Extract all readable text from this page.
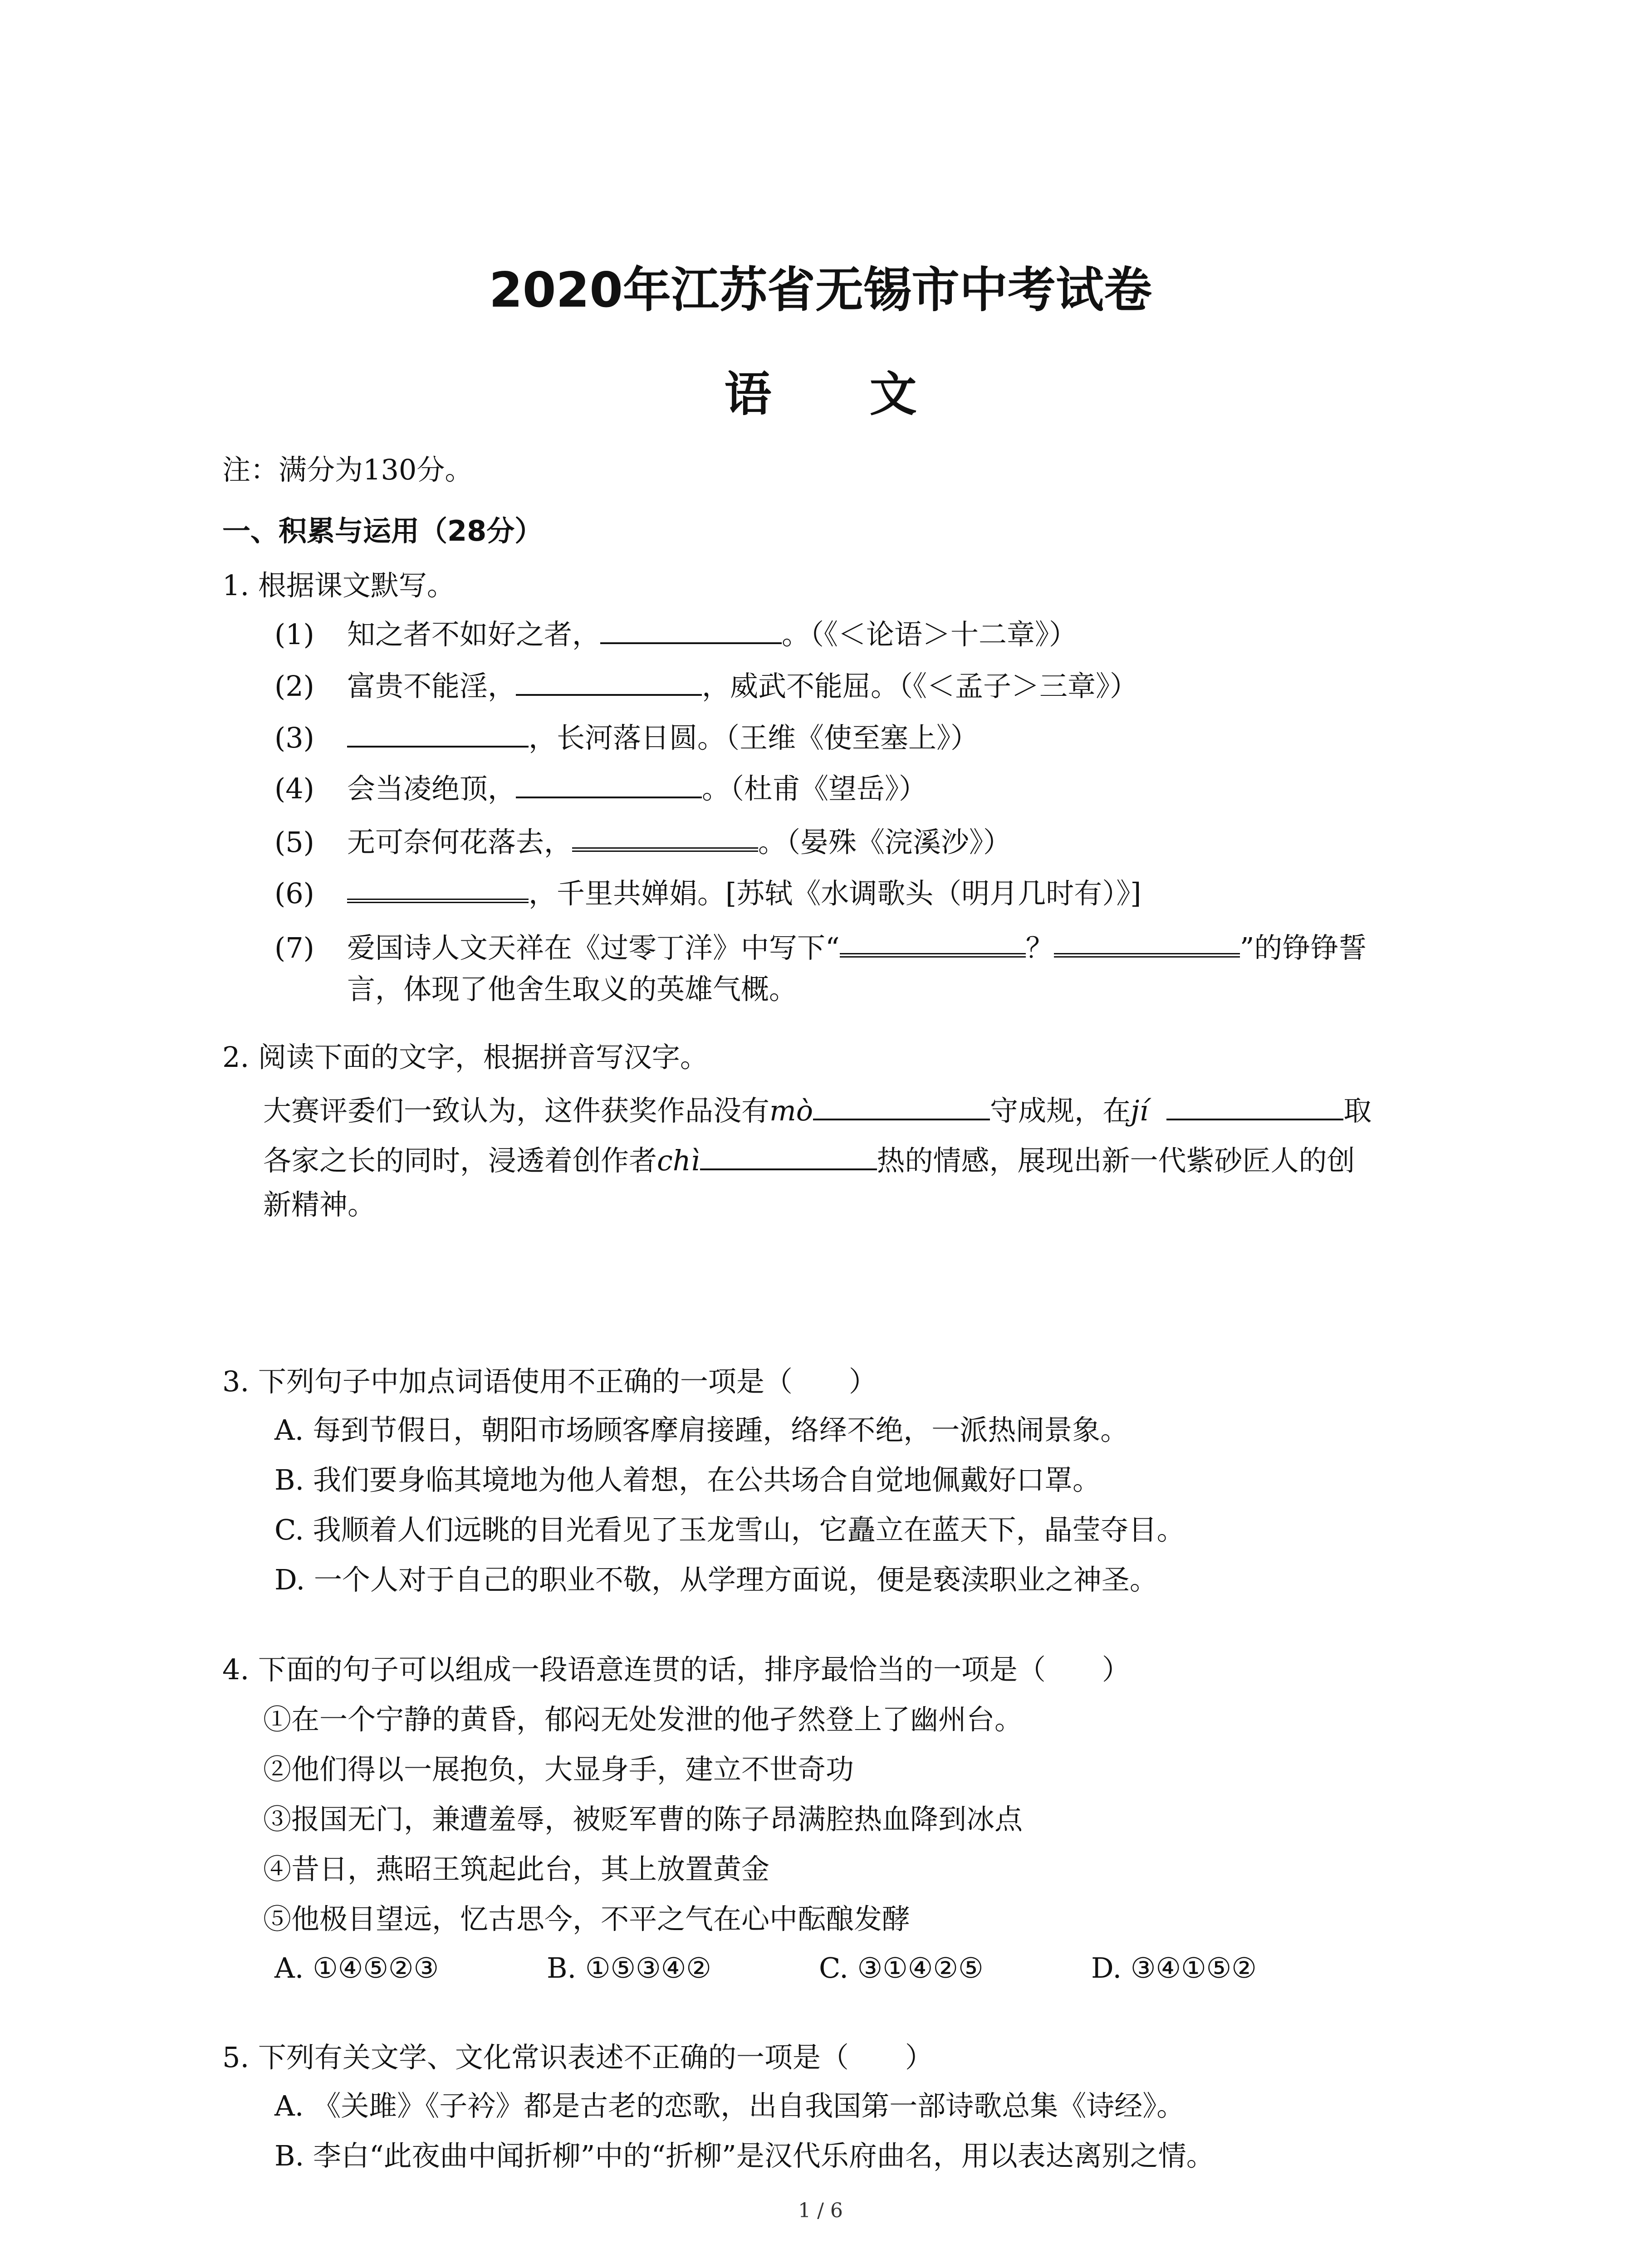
2020年江苏省无锡市中考试卷
语 文
注：满分为130分。
一、积累与运用（28分）
1. 根据课文默写。
(1) 知之者不如好之者，	。（《＜论语＞十二章》）
(2) 富贵不能淫，	，威武不能屈。（《＜孟子＞三章》）
(3)	，长河落日圆。（王维《使至塞上》）
(4) 会当凌绝顶，	。（杜甫《望岳》）
(5) 无可奈何花落去，	。（晏殊《浣溪沙》）
(6)	，千里共婵娟。[苏轼《水调歌头（明月几时有）》]
(7) 爱国诗人文天祥在《过零丁洋》中写下“	？	”的铮铮誓
言，体现了他舍生取义的英雄气概。
2. 阅读下面的文字，根据拼音写汉字。
大赛评委们一致认为，这件获奖作品没有mò	守成规，在jí	取
各家之长的同时，浸透着创作者chì	热的情感，展现出新一代紫砂匠人的创
新精神。
3. 下列句子中加点词语使用不正确的一项是（　　）
A. 每到节假日，朝阳市场顾客摩肩接踵，络绎不绝，一派热闹景象。
B. 我们要身临其境地为他人着想，在公共场合自觉地佩戴好口罩。
C. 我顺着人们远眺的目光看见了玉龙雪山，它矗立在蓝天下，晶莹夺目。
D. 一个人对于自己的职业不敬，从学理方面说，便是亵渎职业之神圣。
4. 下面的句子可以组成一段语意连贯的话，排序最恰当的一项是（　　）
①在一个宁静的黄昏，郁闷无处发泄的他孑然登上了幽州台。
②他们得以一展抱负，大显身手，建立不世奇功
③报国无门，兼遭羞辱，被贬军曹的陈子昂满腔热血降到冰点
④昔日，燕昭王筑起此台，其上放置黄金
⑤他极目望远，忆古思今，不平之气在心中酝酿发酵
A. ①④⑤②③	B. ①⑤③④②	C. ③①④②⑤	D. ③④①⑤②
5. 下列有关文学、文化常识表述不正确的一项是（　　）
A. 《关雎》《子衿》都是古老的恋歌，出自我国第一部诗歌总集《诗经》。
B. 李白“此夜曲中闻折柳”中的“折柳”是汉代乐府曲名，用以表达离别之情。
1 / 6
